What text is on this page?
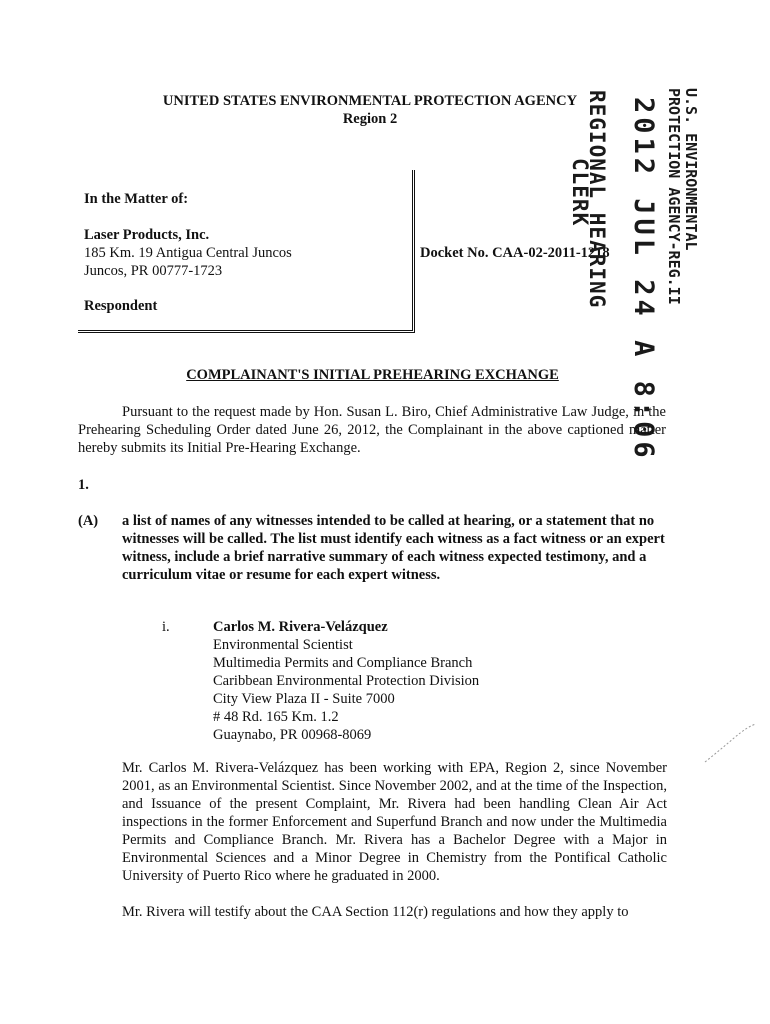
UNITED STATES ENVIRONMENTAL PROTECTION AGENCY
Region 2
In the Matter of:
Laser Products, Inc.
185 Km. 19 Antigua Central Juncos
Juncos, PR 00777-1723
Respondent
Docket No. CAA-02-2011-1218
REGIONAL HEARING
CLERK 2012 JUL 24 A 8:06 U.S. ENVIRONMENTAL
PROTECTION AGENCY-REG.II
COMPLAINANT'S INITIAL PREHEARING EXCHANGE
Pursuant to the request made by Hon. Susan L. Biro, Chief Administrative Law Judge, in the Prehearing Scheduling Order dated June 26, 2012, the Complainant in the above captioned matter hereby submits its Initial Pre-Hearing Exchange.
1.
(A) a list of names of any witnesses intended to be called at hearing, or a statement that no witnesses will be called. The list must identify each witness as a fact witness or an expert witness, include a brief narrative summary of each witness expected testimony, and a curriculum vitae or resume for each expert witness.
i.	Carlos M. Rivera-Velázquez
Environmental Scientist
Multimedia Permits and Compliance Branch
Caribbean Environmental Protection Division
City View Plaza II - Suite 7000
# 48 Rd. 165 Km. 1.2
Guaynabo, PR 00968-8069
Mr. Carlos M. Rivera-Velázquez has been working with EPA, Region 2, since November 2001, as an Environmental Scientist. Since November 2002, and at the time of the Inspection, and Issuance of the present Complaint, Mr. Rivera had been handling Clean Air Act inspections in the former Enforcement and Superfund Branch and now under the Multimedia Permits and Compliance Branch. Mr. Rivera has a Bachelor Degree with a Major in Environmental Sciences and a Minor Degree in Chemistry from the Pontifical Catholic University of Puerto Rico where he graduated in 2000.
Mr. Rivera will testify about the CAA Section 112(r) regulations and how they apply to
